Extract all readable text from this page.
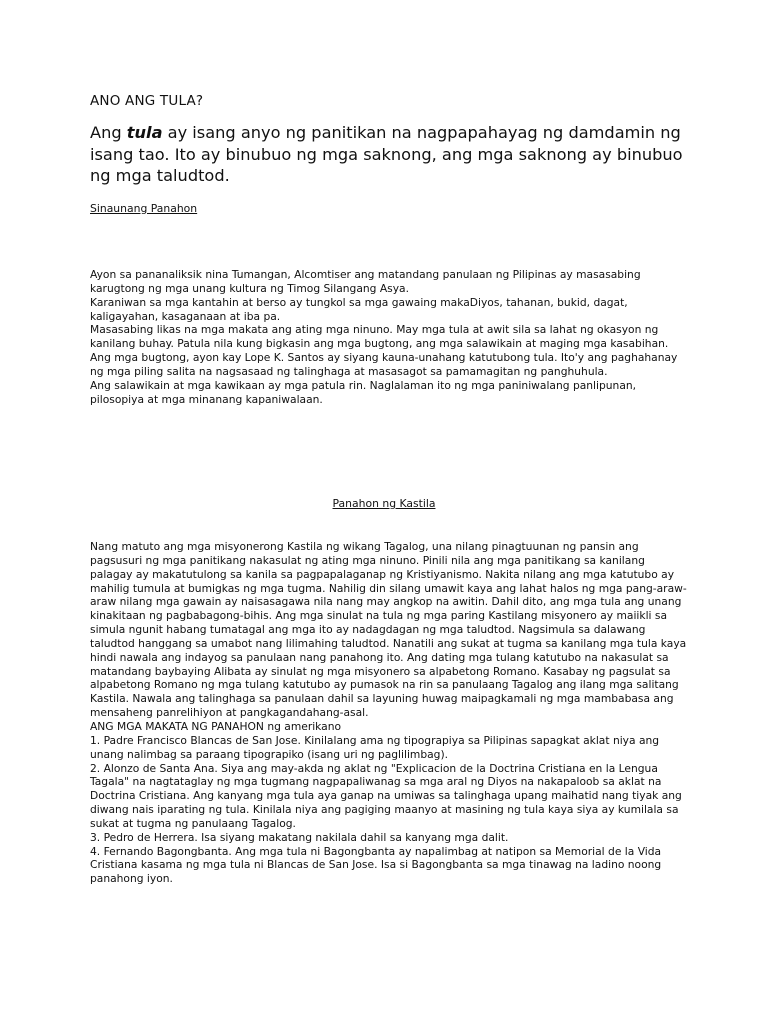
ANO ANG TULA?

Ang tula ay isang anyo ng panitikan na nagpapahayag ng damdamin ng isang tao. Ito ay binubuo ng mga saknong, ang mga saknong ay binubuo ng mga taludtod.

Sinaunang Panahon

Ayon sa pananaliksik nina Tumangan, Alcomtiser ang matandang panulaan ng Pilipinas ay masasabing karugtong ng mga unang kultura ng Timog Silangang Asya.

Karaniwan sa mga kantahin at berso ay tungkol sa mga gawaing makaDiyos, tahanan, bukid, dagat, kaligayahan, kasaganaan at iba pa.

Masasabing likas na mga makata ang ating mga ninuno. May mga tula at awit sila sa lahat ng okasyon ng kanilang buhay. Patula nila kung bigkasin ang mga bugtong, ang mga salawikain at maging mga kasabihan.

Ang mga bugtong, ayon kay Lope K. Santos ay siyang kauna-unahang katutubong tula. Ito'y ang paghahanay ng mga piling salita na nagsasaad ng talinghaga at masasagot sa pamamagitan ng panghuhula.

Ang salawikain at mga kawikaan ay mga patula rin. Naglalaman ito ng mga paniniwalang panlipunan, pilosopiya at mga minanang kapaniwalaan.

Panahon ng Kastila

Nang matuto ang mga misyonerong Kastila ng wikang Tagalog, una nilang pinagtuunan ng pansin ang pagsusuri ng mga panitikang nakasulat ng ating mga ninuno. Pinili nila ang mga panitikang sa kanilang palagay ay makatutulong sa kanila sa pagpapalaganap ng Kristiyanismo. Nakita nilang ang mga katutubo ay mahilig tumula at bumigkas ng mga tugma. Nahilig din silang umawit kaya ang lahat halos ng mga pang-araw-araw nilang mga gawain ay naisasagawa nila nang may angkop na awitin. Dahil dito, ang mga tula ang unang kinakitaan ng pagbabagong-bihis. Ang mga sinulat na tula ng mga paring Kastilang misyonero ay maiikli sa simula ngunit habang tumatagal ang mga ito ay nadagdagan ng mga taludtod. Nagsimula sa dalawang taludtod hanggang sa umabot nang lilimahing taludtod. Nanatili ang sukat at tugma sa kanilang mga tula kaya hindi nawala ang indayog sa panulaan nang panahong ito. Ang dating mga tulang katutubo na nakasulat sa matandang baybaying Alibata ay sinulat ng mga misyonero sa alpabetong Romano. Kasabay ng pagsulat sa alpabetong Romano ng mga tulang katutubo ay pumasok na rin sa panulaang Tagalog ang ilang mga salitang Kastila. Nawala ang talinghaga sa panulaan dahil sa layuning huwag maipagkamali ng mga mambabasa ang mensaheng panrelihiyon at pangkagandahang-asal.

ANG MGA MAKATA NG PANAHON ng amerikano

1. Padre Francisco Blancas de San Jose. Kinilalang ama ng tipograpiya sa Pilipinas sapagkat aklat niya ang unang nalimbag sa paraang tipograpiko (isang uri ng paglilimbag).

2. Alonzo de Santa Ana. Siya ang may-akda ng aklat ng "Explicacion de la Doctrina Cristiana en la Lengua Tagala" na nagtataglay ng mga tugmang nagpapaliwanag sa mga aral ng Diyos na nakapaloob sa aklat na Doctrina Cristiana. Ang kanyang mga tula aya ganap na umiwas sa talinghaga upang maihatid nang tiyak ang diwang nais iparating ng tula. Kinilala niya ang pagiging maanyo at masining ng tula kaya siya ay kumilala sa sukat at tugma ng panulaang Tagalog.

3. Pedro de Herrera. Isa siyang makatang nakilala dahil sa kanyang mga dalit.

4. Fernando Bagongbanta. Ang mga tula ni Bagongbanta ay napalimbag at natipon sa Memorial de la Vida Cristiana kasama ng mga tula ni Blancas de San Jose. Isa si Bagongbanta sa mga tinawag na ladino noong panahong iyon.
